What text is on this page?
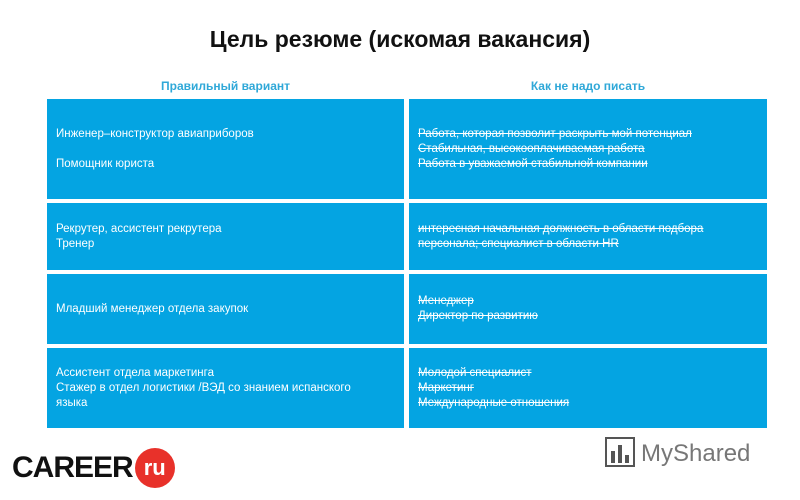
Цель резюме (искомая вакансия)
Правильный вариант	Как не надо писать
Инженер–конструктор авиаприборов
Помощник юриста
Работа, которая позволит раскрыть мой потенциал
Стабильная, высокооплачиваемая работа
Работа в уважаемой стабильной компании
Рекрутер, ассистент рекрутера
Тренер
интересная начальная должность в области подбора
персонала; специалист в области HR
Младший менеджер отдела закупок
Менеджер
Директор по развитию
Ассистент отдела маркетинга
Стажер в отдел логистики /ВЭД со знанием испанского
языка
Молодой специалист
Маркетинг
Международные отношения
CAREER ru
MyShared
